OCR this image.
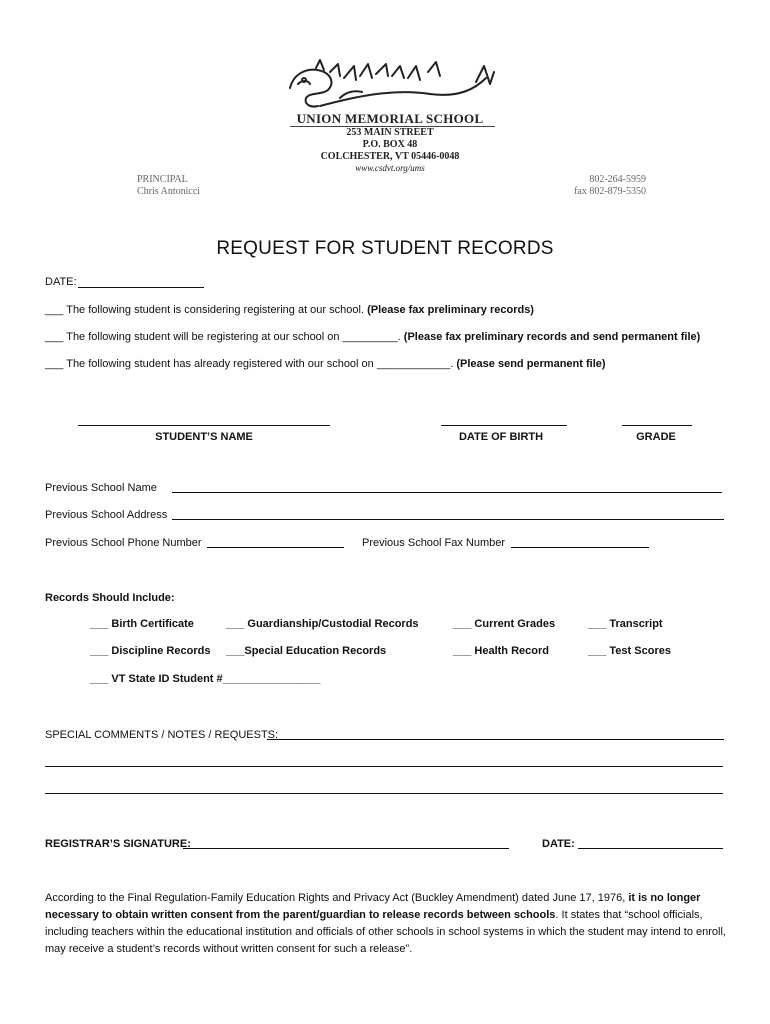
UNION MEMORIAL SCHOOL
253 MAIN STREET
P.O. BOX 48
COLCHESTER, VT 05446-0048
www.csdvt.org/ums
PRINCIPAL
Chris Antonicci
802-264-5959
fax 802-879-5350
REQUEST FOR STUDENT RECORDS
DATE:
___ The following student is considering registering at our school. (Please fax preliminary records)
___ The following student will be registering at our school on _________. (Please fax preliminary records and send permanent file)
___ The following student has already registered with our school on ____________. (Please send permanent file)
STUDENT’S NAME	DATE OF BIRTH	GRADE
Previous School Name
Previous School Address
Previous School Phone Number	Previous School Fax Number
Records Should Include:
___ Birth Certificate	___ Guardianship/Custodial Records	___ Current Grades	___ Transcript
___ Discipline Records ___Special Education Records	___ Health Record	___ Test Scores
___ VT State ID Student #________________
SPECIAL COMMENTS / NOTES / REQUESTS:
REGISTRAR’S SIGNATURE:	DATE:
According to the Final Regulation-Family Education Rights and Privacy Act (Buckley Amendment) dated June 17, 1976, it is no longer necessary to obtain written consent from the parent/guardian to release records between schools. It states that “school officials, including teachers within the educational institution and officials of other schools in school systems in which the student may intend to enroll, may receive a student’s records without written consent for such a release”.
